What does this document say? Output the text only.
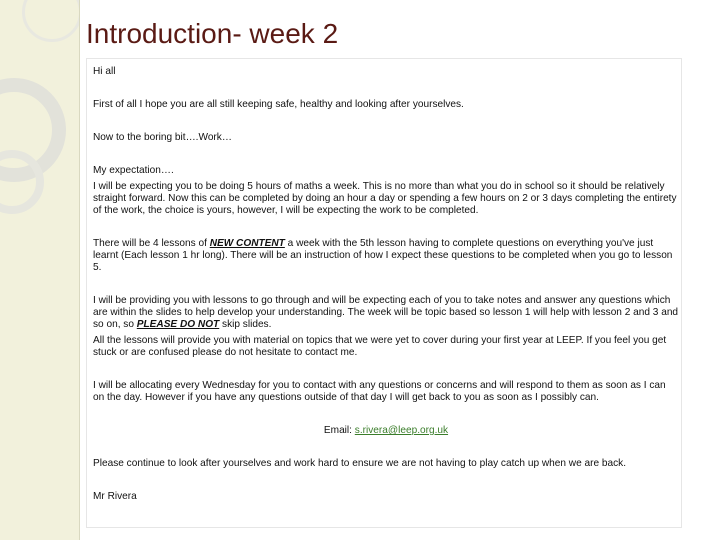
Introduction- week 2

Hi all

First of all I hope you are all still keeping safe, healthy and looking after yourselves.

Now to the boring bit….Work…

My expectation….

I will be expecting you to be doing 5 hours of maths a week. This is no more than what you do in school so it should be relatively straight forward. Now this can be completed by doing an hour a day or spending a few hours on 2 or 3 days completing the entirety of the work, the choice is yours, however, I will be expecting the work to be completed.

There will be 4 lessons of NEW CONTENT a week with the 5th lesson having to complete questions on everything you've just learnt (Each lesson 1 hr long). There will be an instruction of how I expect these questions to be completed when you go to lesson 5.

I will be providing you with lessons to go through and will be expecting each of you to take notes and answer any questions which are within the slides to help develop your understanding. The week will be topic based so lesson 1 will help with lesson 2 and 3 and so on, so PLEASE DO NOT skip slides.

All the lessons will provide you with material on topics that we were yet to cover during your first year at LEEP. If you feel you get stuck or are confused please do not hesitate to contact me.

I will be allocating every Wednesday for you to contact with any questions or concerns and will respond to them as soon as I can on the day. However if you have any questions outside of that day I will get back to you as soon as I possibly can.

Email: s.rivera@leep.org.uk

Please continue to look after yourselves and work hard to ensure we are not having to play catch up when we are back.

Mr Rivera
